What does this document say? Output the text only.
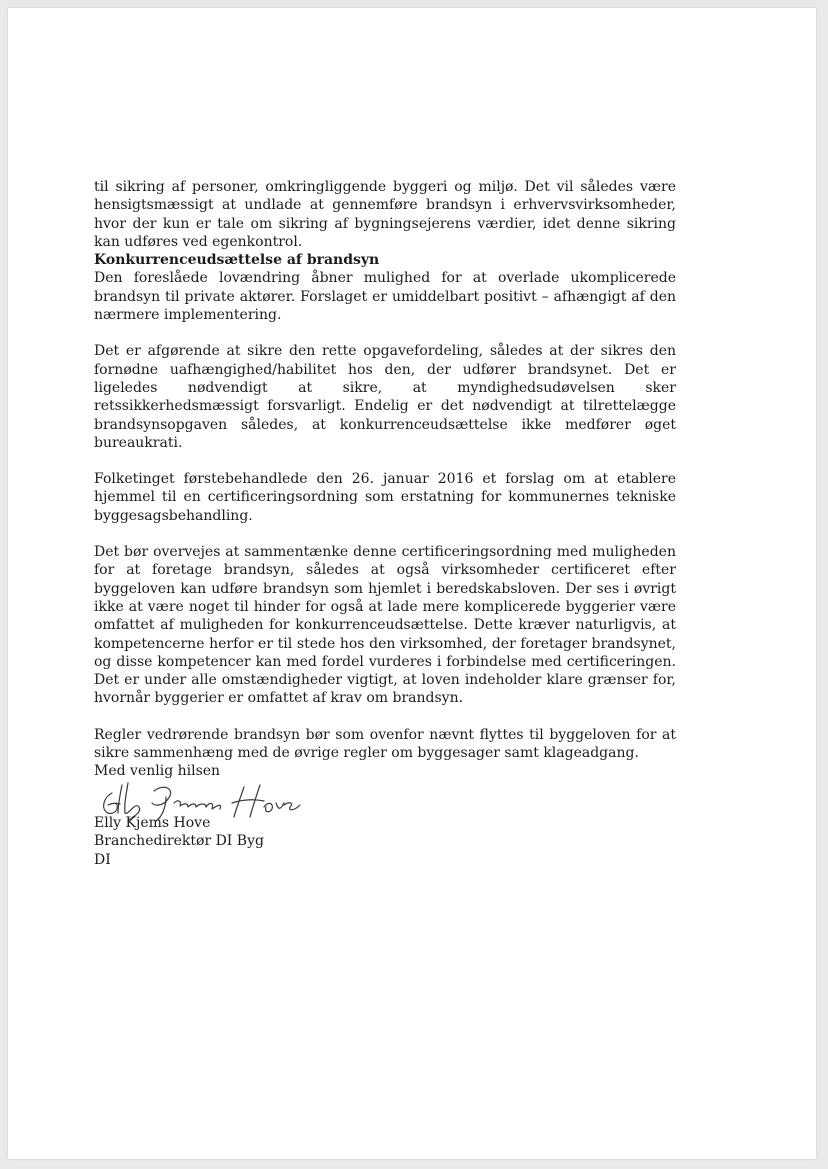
til sikring af personer, omkringliggende byggeri og miljø. Det vil således være hensigtsmæssigt at undlade at gennemføre brandsyn i erhvervsvirksomheder, hvor der kun er tale om sikring af bygningsejerens værdier, idet denne sikring kan udføres ved egenkontrol.

Konkurrenceudsættelse af brandsyn

Den foreslåede lovændring åbner mulighed for at overlade ukomplicerede brandsyn til private aktører. Forslaget er umiddelbart positivt – afhængigt af den nærmere implementering.

Det er afgørende at sikre den rette opgavefordeling, således at der sikres den fornødne uafhængighed/habilitet hos den, der udfører brandsynet. Det er ligeledes nødvendigt at sikre, at myndighedsudøvelsen sker retssikkerhedsmæssigt forsvarligt. Endelig er det nødvendigt at tilrettelægge brandsynsopgaven således, at konkurrenceudsættelse ikke medfører øget bureaukrati.

Folketinget førstebehandlede den 26. januar 2016 et forslag om at etablere hjemmel til en certificeringsordning som erstatning for kommunernes tekniske byggesagsbehandling.

Det bør overvejes at sammentænke denne certificeringsordning med muligheden for at foretage brandsyn, således at også virksomheder certificeret efter byggeloven kan udføre brandsyn som hjemlet i beredskabsloven. Der ses i øvrigt ikke at være noget til hinder for også at lade mere komplicerede byggerier være omfattet af muligheden for konkurrenceudsættelse. Dette kræver naturligvis, at kompetencerne herfor er til stede hos den virksomhed, der foretager brandsynet, og disse kompetencer kan med fordel vurderes i forbindelse med certificeringen. Det er under alle omstændigheder vigtigt, at loven indeholder klare grænser for, hvornår byggerier er omfattet af krav om brandsyn.

Regler vedrørende brandsyn bør som ovenfor nævnt flyttes til byggeloven for at sikre sammenhæng med de øvrige regler om byggesager samt klageadgang.

Med venlig hilsen

Elly Kjems Hove
Branchedirektør DI Byg
DI
